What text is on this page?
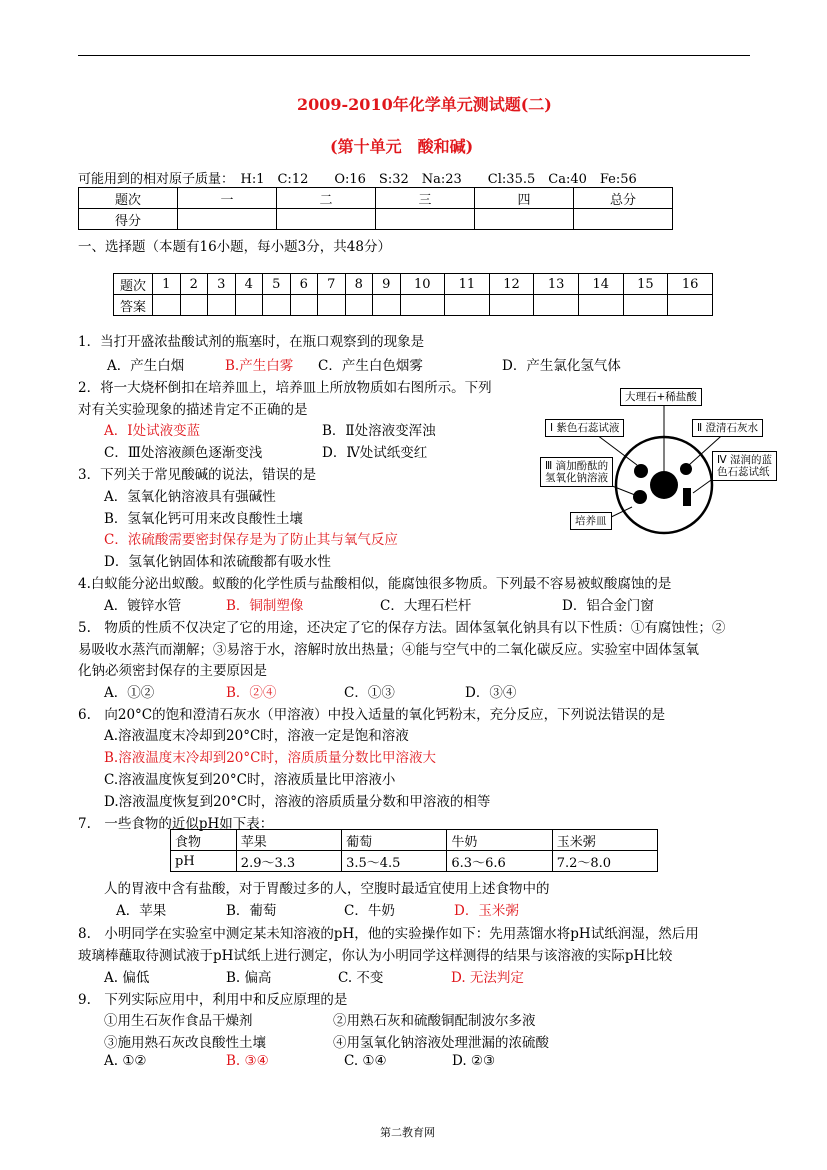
2009-2010年化学单元测试题(二)
(第十单元　酸和碱)
可能用到的相对原子质量：　H:1　C:12　　O:16　S:32　Na:23　　Cl:35.5　Ca:40　Fe:56
题次	一	二	三	四	总分
得分					
一、选择题（本题有16小题，每小题3分，共48分）
题次	1	2	3	4	5	6	7	8	9	10	11	12	13	14	15	16
答案																
1．当打开盛浓盐酸试剂的瓶塞时，在瓶口观察到的现象是
A．产生白烟	B.产生白雾 C．产生白色烟雾	D．产生氯化氢气体
2．将一大烧杯倒扣在培养皿上，培养皿上所放物质如右图所示。下列
对有关实验现象的描述肯定不正确的是
A．Ⅰ处试液变蓝	B．Ⅱ处溶液变浑浊
C．Ⅲ处溶液颜色逐渐变浅	D．Ⅳ处试纸变红
大理石+稀盐酸
Ⅰ 紫色石蕊试液	Ⅱ 澄清石灰水
Ⅲ 滴加酚酞的
氢氧化钠溶液
Ⅳ 湿润的蓝
色石蕊试纸
培养皿
3．下列关于常见酸碱的说法，错误的是
A．氢氧化钠溶液具有强碱性
B．氢氧化钙可用来改良酸性土壤
C．浓硫酸需要密封保存是为了防止其与氧气反应
D．氢氧化钠固体和浓硫酸都有吸水性
4.白蚁能分泌出蚁酸。蚁酸的化学性质与盐酸相似，能腐蚀很多物质。下列最不容易被蚁酸腐蚀的是
A．镀锌水管	B．铜制塑像	C．大理石栏杆	D．铝合金门窗
5.　物质的性质不仅决定了它的用途，还决定了它的保存方法。固体氢氧化钠具有以下性质：①有腐蚀性；②
易吸收水蒸汽而潮解；③易溶于水，溶解时放出热量；④能与空气中的二氧化碳反应。实验室中固体氢氧
化钠必须密封保存的主要原因是
A．①②	B．②④	C．①③	D．③④
6.　向20°C的饱和澄清石灰水（甲溶液）中投入适量的氧化钙粉末，充分反应，下列说法错误的是
A.溶液温度末冷却到20°C时，溶液一定是饱和溶液
B.溶液温度末冷却到20°C时，溶质质量分数比甲溶液大
C.溶液温度恢复到20°C时，溶液质量比甲溶液小
D.溶液温度恢复到20°C时，溶液的溶质质量分数和甲溶液的相等
7.　一些食物的近似pH如下表：
食物	苹果	葡萄	牛奶	玉米粥
pH	2.9～3.3	3.5～4.5	6.3～6.6	7.2～8.0
人的胃液中含有盐酸，对于胃酸过多的人，空腹时最适宜使用上述食物中的
A．苹果	B．葡萄	C．牛奶	D．玉米粥
8.　小明同学在实验室中测定某未知溶液的pH，他的实验操作如下：先用蒸馏水将pH试纸润湿，然后用
玻璃棒蘸取待测试液于pH试纸上进行测定，你认为小明同学这样测得的结果与该溶液的实际pH比较
A. 偏低	B. 偏高	C. 不变	D. 无法判定
9.　下列实际应用中，利用中和反应原理的是
①用生石灰作食品干燥剂	②用熟石灰和硫酸铜配制波尔多液
③施用熟石灰改良酸性土壤	④用氢氧化钠溶液处理泄漏的浓硫酸
A. ①②	B. ③④	C. ①④	D. ②③
第二教育网
